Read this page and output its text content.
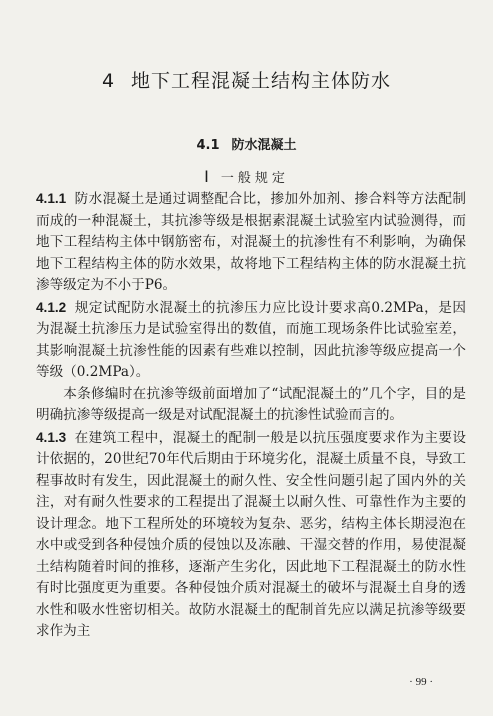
4 地下工程混凝土结构主体防水
4.1 防水混凝土
Ⅰ 一般规定

4.1.1 防水混凝土是通过调整配合比，掺加外加剂、掺合料等方法配制而成的一种混凝土，其抗渗等级是根据素混凝土试验室内试验测得，而地下工程结构主体中钢筋密布，对混凝土的抗渗性有不利影响，为确保地下工程结构主体的防水效果，故将地下工程结构主体的防水混凝土抗渗等级定为不小于P6。

4.1.2 规定试配防水混凝土的抗渗压力应比设计要求高0.2MPa，是因为混凝土抗渗压力是试验室得出的数值，而施工现场条件比试验室差，其影响混凝土抗渗性能的因素有些难以控制，因此抗渗等级应提高一个等级（0.2MPa）。

本条修编时在抗渗等级前面增加了“试配混凝土的”几个字，目的是明确抗渗等级提高一级是对试配混凝土的抗渗性试验而言的。

4.1.3 在建筑工程中，混凝土的配制一般是以抗压强度要求作为主要设计依据的，20世纪70年代后期由于环境劣化，混凝土质量不良，导致工程事故时有发生，因此混凝土的耐久性、安全性问题引起了国内外的关注，对有耐久性要求的工程提出了混凝土以耐久性、可靠性作为主要的设计理念。地下工程所处的环境较为复杂、恶劣，结构主体长期浸泡在水中或受到各种侵蚀介质的侵蚀以及冻融、干湿交替的作用，易使混凝土结构随着时间的推移，逐渐产生劣化，因此地下工程混凝土的防水性有时比强度更为重要。各种侵蚀介质对混凝土的破坏与混凝土自身的透水性和吸水性密切相关。故防水混凝土的配制首先应以满足抗渗等级要求作为主

· 99 ·
